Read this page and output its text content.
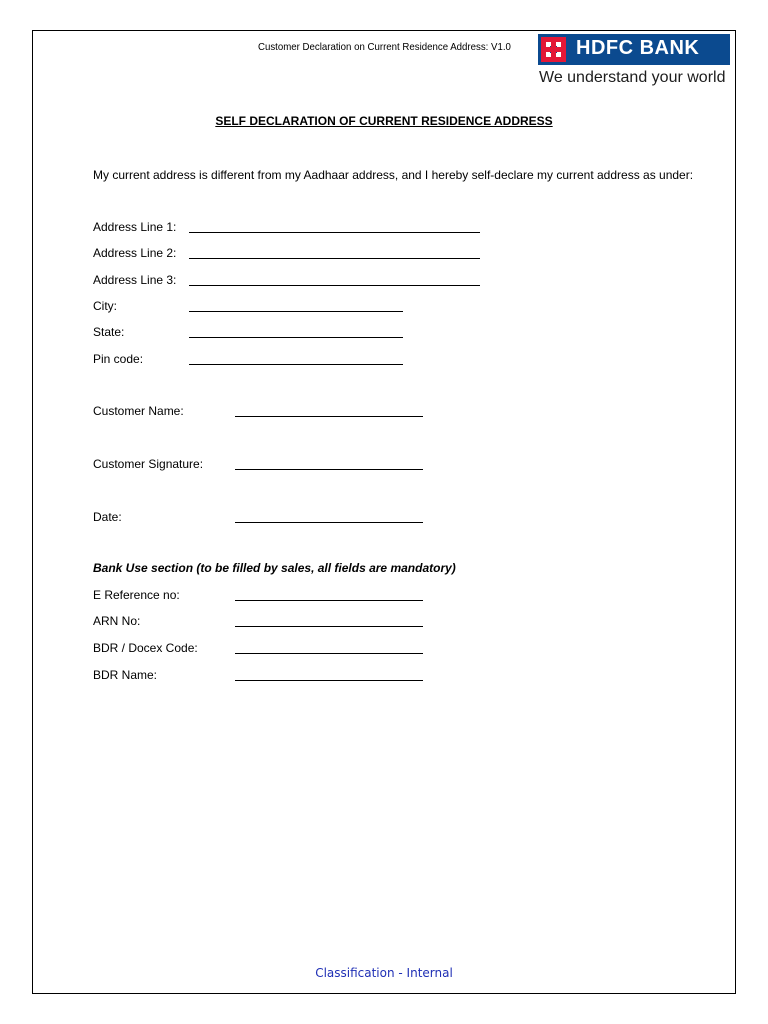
Customer Declaration on Current Residence Address: V1.0	HDFC BANK
We understand your world
SELF DECLARATION OF CURRENT RESIDENCE ADDRESS
My current address is different from my Aadhaar address, and I hereby self-declare my current address as under:
Address Line 1:
Address Line 2:
Address Line 3:
City:
State:
Pin code:
Customer Name:
Customer Signature:
Date:
Bank Use section (to be filled by sales, all fields are mandatory)
E Reference no:
ARN No:
BDR / Docex Code:
BDR Name:
Classification - Internal
